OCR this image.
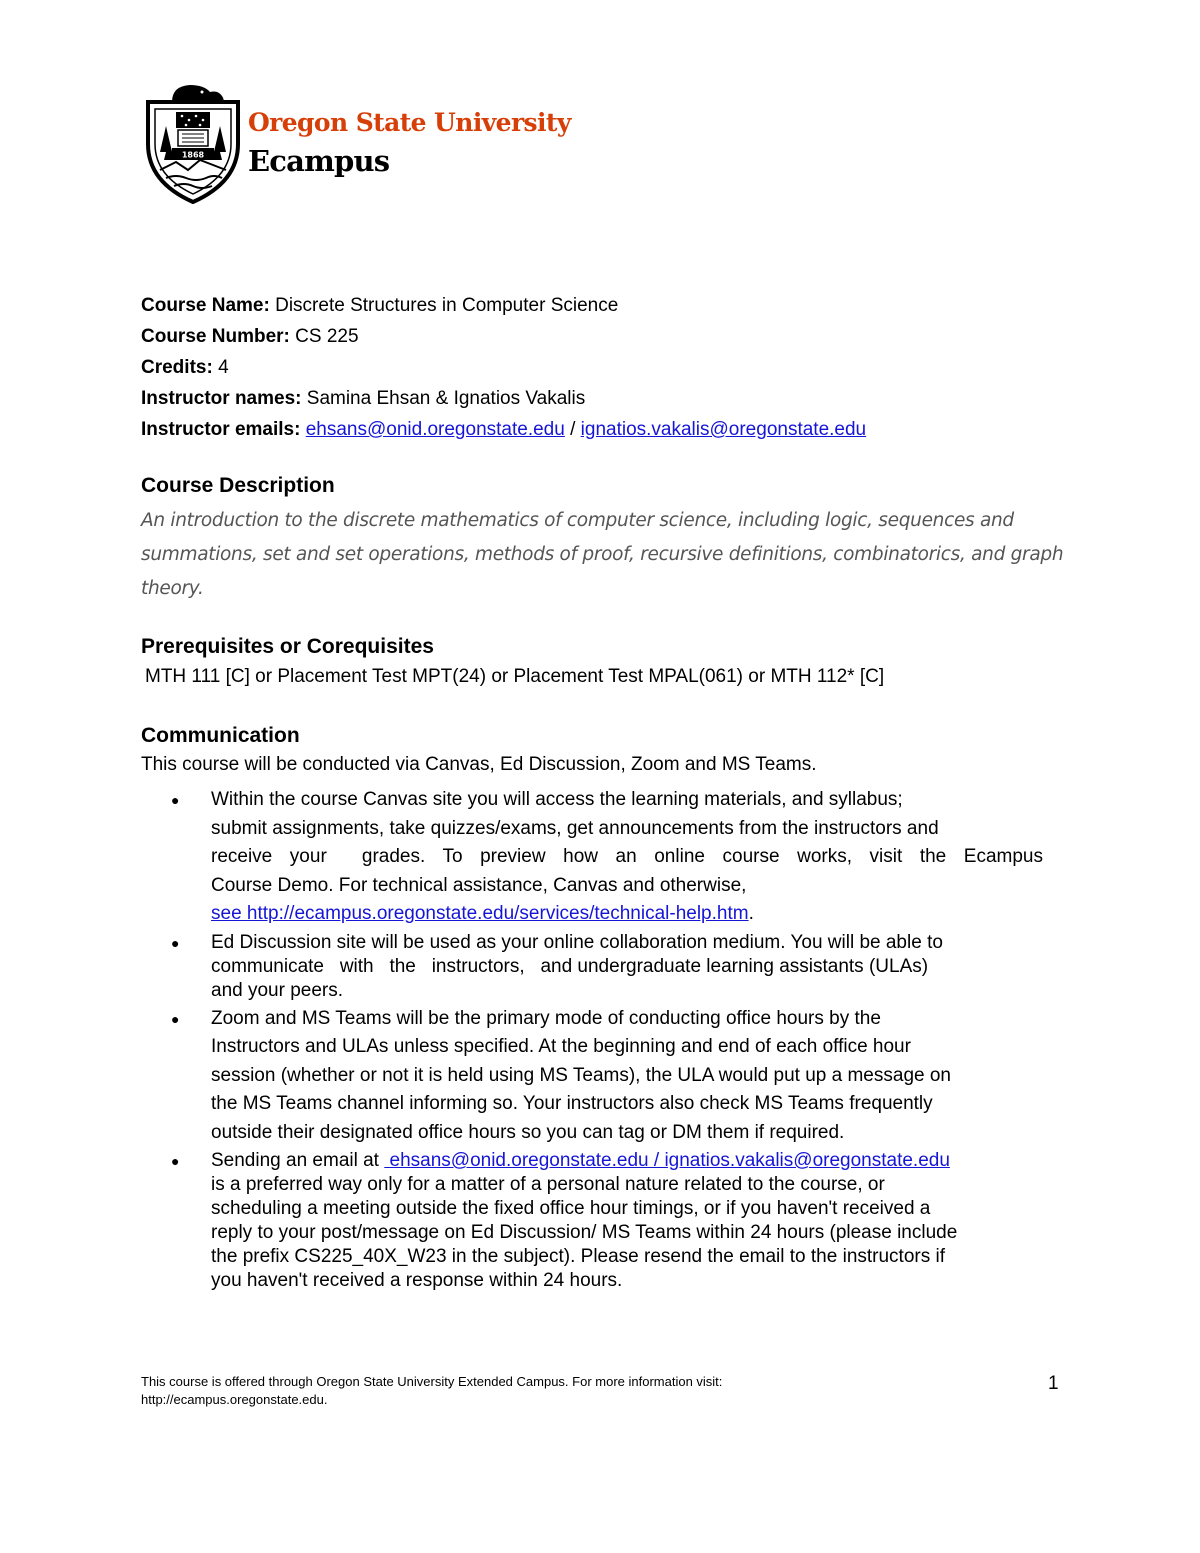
1868
Oregon State University
Ecampus
Course Name: Discrete Structures in Computer Science
Course Number: CS 225
Credits: 4
Instructor names: Samina Ehsan & Ignatios Vakalis
Instructor emails: ehsans@onid.oregonstate.edu / ignatios.vakalis@oregonstate.edu
Course Description
An introduction to the discrete mathematics of computer science, including logic, sequences and summations, set and set operations, methods of proof, recursive definitions, combinatorics, and graph theory.
Prerequisites or Corequisites
MTH 111 [C] or Placement Test MPT(24) or Placement Test MPAL(061) or MTH 112* [C]
Communication
This course will be conducted via Canvas, Ed Discussion, Zoom and MS Teams.
● Within the course Canvas site you will access the learning materials, and syllabus;
submit assignments, take quizzes/exams, get announcements from the instructors and
receive your  grades. To preview how an online course works, visit the Ecampus
Course Demo. For technical assistance, Canvas and otherwise,
see http://ecampus.oregonstate.edu/services/technical-help.htm.
● Ed Discussion site will be used as your online collaboration medium. You will be able to
communicate   with   the   instructors,   and undergraduate learning assistants (ULAs)
and your peers.
● Zoom and MS Teams will be the primary mode of conducting office hours by the
Instructors and ULAs unless specified. At the beginning and end of each office hour
session (whether or not it is held using MS Teams), the ULA would put up a message on
the MS Teams channel informing so. Your instructors also check MS Teams frequently
outside their designated office hours so you can tag or DM them if required.
● Sending an email at  ehsans@onid.oregonstate.edu / ignatios.vakalis@oregonstate.edu
is a preferred way only for a matter of a personal nature related to the course, or
scheduling a meeting outside the fixed office hour timings, or if you haven't received a
reply to your post/message on Ed Discussion/ MS Teams within 24 hours (please include
the prefix CS225_40X_W23 in the subject). Please resend the email to the instructors if
you haven't received a response within 24 hours.
This course is offered through Oregon State University Extended Campus. For more information visit:
http://ecampus.oregonstate.edu.
1
